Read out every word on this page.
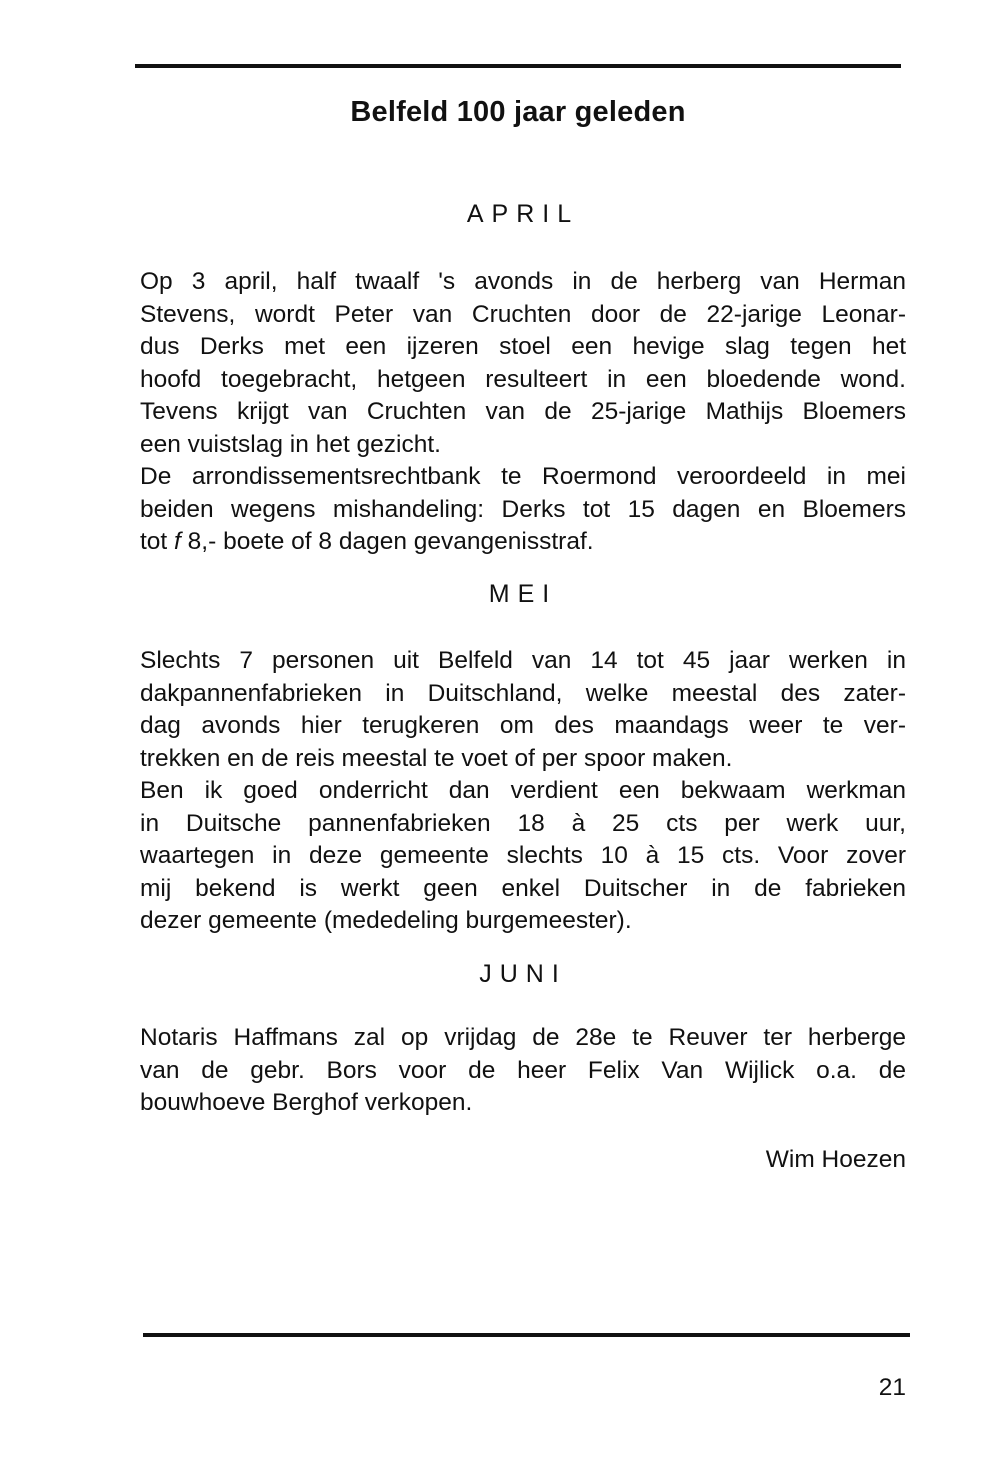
Belfeld 100 jaar geleden
APRIL
Op 3 april, half twaalf 's avonds in de herberg van Herman
Stevens, wordt Peter van Cruchten door de 22-jarige Leonar-
dus Derks met een ijzeren stoel een hevige slag tegen het
hoofd toegebracht, hetgeen resulteert in een bloedende wond.
Tevens krijgt van Cruchten van de 25-jarige Mathijs Bloemers
een vuistslag in het gezicht.
De arrondissementsrechtbank te Roermond veroordeeld in mei
beiden wegens mishandeling: Derks tot 15 dagen en Bloemers
tot f 8,- boete of 8 dagen gevangenisstraf.
MEI
Slechts 7 personen uit Belfeld van 14 tot 45 jaar werken in
dakpannenfabrieken in Duitschland, welke meestal des zater-
dag avonds hier terugkeren om des maandags weer te ver-
trekken en de reis meestal te voet of per spoor maken.
Ben ik goed onderricht dan verdient een bekwaam werkman
in Duitsche pannenfabrieken 18 à 25 cts per werk uur,
waartegen in deze gemeente slechts 10 à 15 cts. Voor zover
mij bekend is werkt geen enkel Duitscher in de fabrieken
dezer gemeente (mededeling burgemeester).
JUNI
Notaris Haffmans zal op vrijdag de 28e te Reuver ter herberge
van de gebr. Bors voor de heer Felix Van Wijlick o.a. de
bouwhoeve Berghof verkopen.
Wim Hoezen
21
